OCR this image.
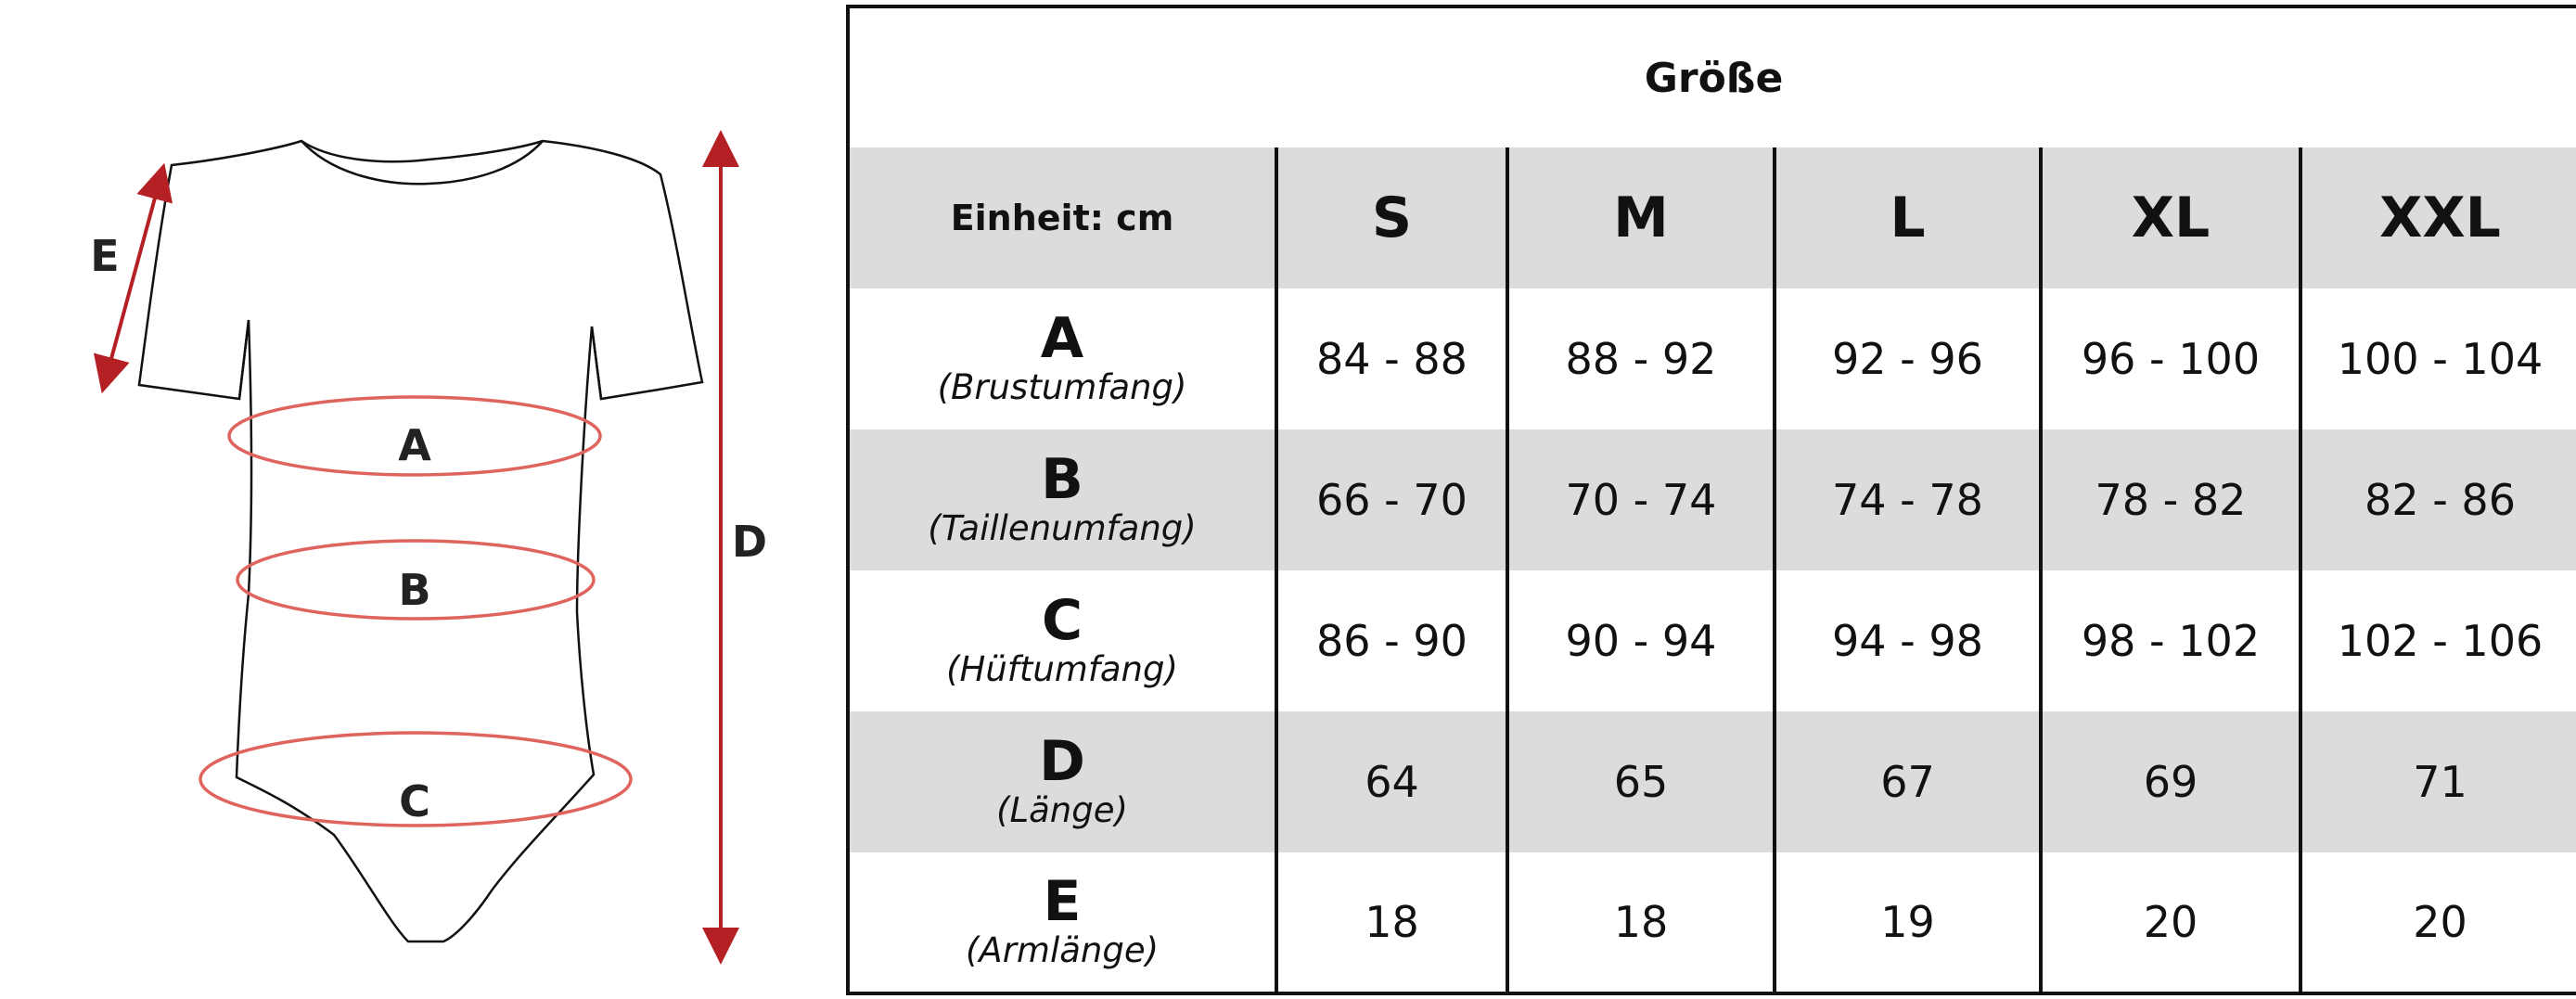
A
B
C
D
E
Größe					
Einheit: cm	S	M	L	XL	XXL

A
(Brustumfang)	84 - 88	88 - 92	92 - 96	96 - 100	100 - 104

B
(Taillenumfang)	66 - 70	70 - 74	74 - 78	78 - 82	82 - 86

C
(Hüftumfang)	86 - 90	90 - 94	94 - 98	98 - 102	102 - 106

D
(Länge)	64	65	67	69	71

E
(Armlänge)	18	18	19	20	20
